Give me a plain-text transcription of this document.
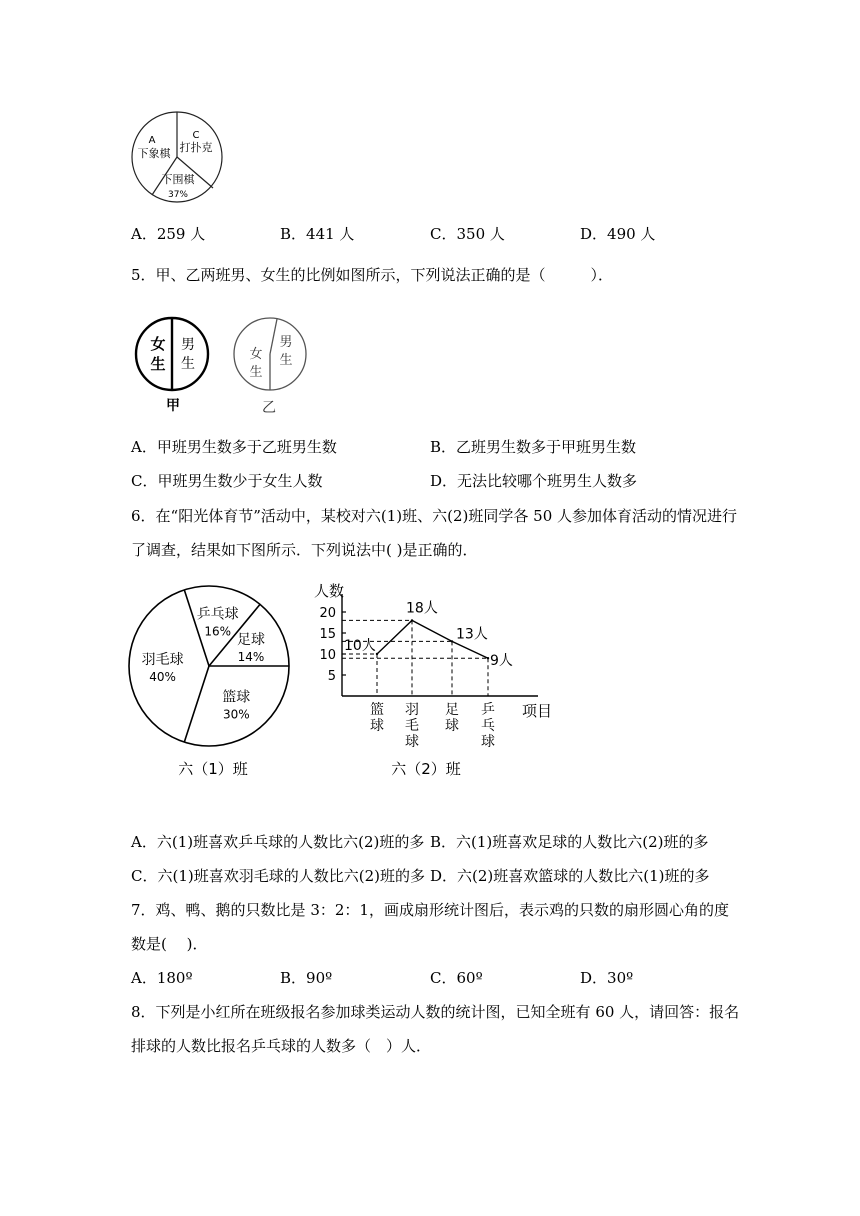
A
下象棋
C
打扑克
下围棋
37%
A．259 人	B．441 人	C．350 人	D．490 人
5．甲、乙两班男、女生的比例如图所示，下列说法正确的是（　　　）．
女
生
男
生
甲
女
生
男
生
乙
A．甲班男生数多于乙班男生数	B．乙班男生数多于甲班男生数
C．甲班男生数少于女生人数	D．无法比较哪个班男生人数多
6．在“阳光体育节”活动中，某校对六(1)班、六(2)班同学各 50 人参加体育活动的情况进行
了调查，结果如下图所示．下列说法中( )是正确的．
篮球
30%
羽毛球
40%
乒乓球
16%
足球
14%
六（1）班
人数
项目
5
10
15
20
10人
18人
13人
9人
篮
球
羽
毛
球
足
球
乒
乓
球
六（2）班
A．六(1)班喜欢乒乓球的人数比六(2)班的多 B．六(1)班喜欢足球的人数比六(2)班的多
C．六(1)班喜欢羽毛球的人数比六(2)班的多 D．六(2)班喜欢篮球的人数比六(1)班的多
7．鸡、鸭、鹅的只数比是 3：2：1，画成扇形统计图后，表示鸡的只数的扇形圆心角的度
数是(　 )．
A．180º	B．90º	C．60º	D．30º
8．下列是小红所在班级报名参加球类运动人数的统计图，已知全班有 60 人，请回答：报名
排球的人数比报名乒乓球的人数多（　）人．
